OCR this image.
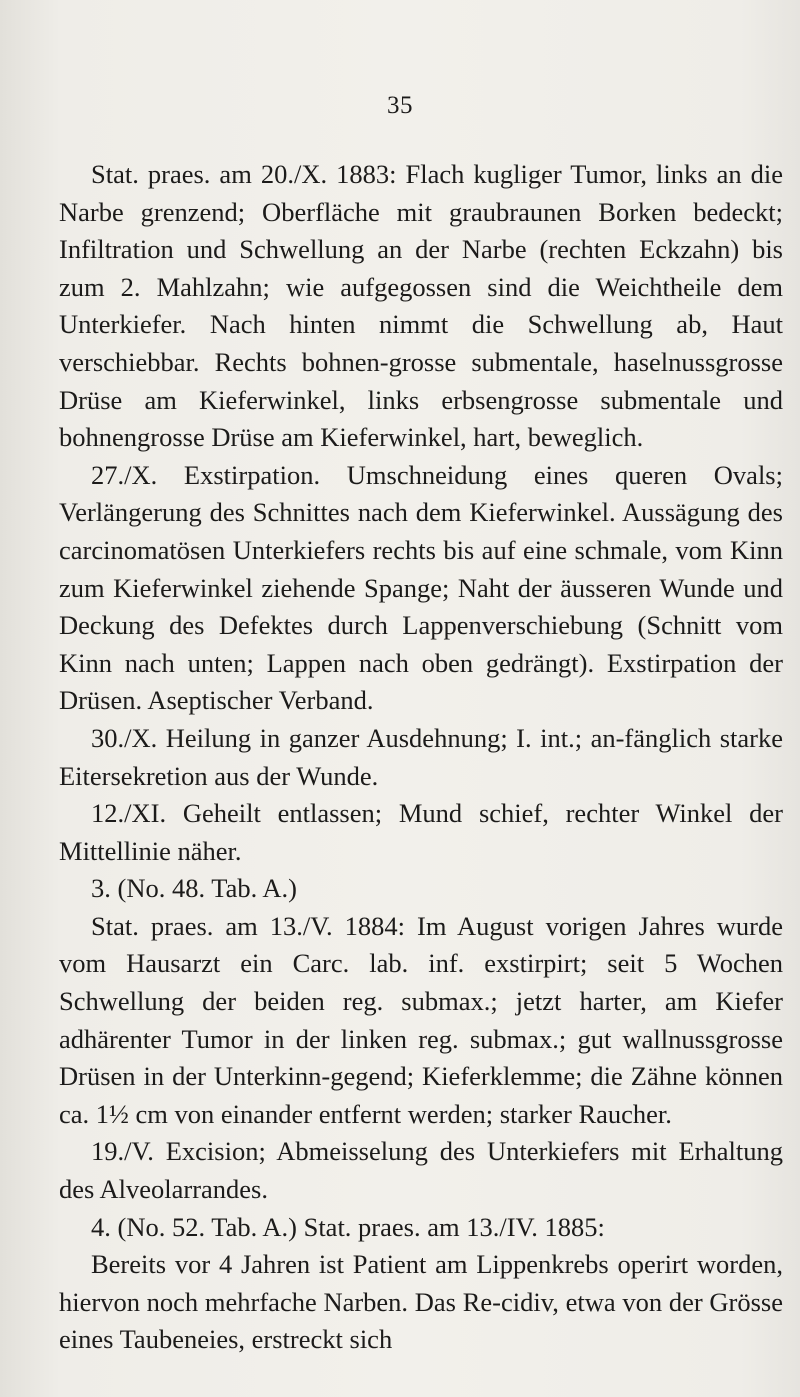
35

Stat. praes. am 20./X. 1883: Flach kugliger Tumor, links an die Narbe grenzend; Oberfläche mit graubraunen Borken bedeckt; Infiltration und Schwellung an der Narbe (rechten Eckzahn) bis zum 2. Mahlzahn; wie aufgegossen sind die Weichtheile dem Unterkiefer. Nach hinten nimmt die Schwellung ab, Haut verschiebbar. Rechts bohnen-grosse submentale, haselnussgrosse Drüse am Kieferwinkel, links erbsengrosse submentale und bohnengrosse Drüse am Kieferwinkel, hart, beweglich.

27./X. Exstirpation. Umschneidung eines queren Ovals; Verlängerung des Schnittes nach dem Kieferwinkel. Aussägung des carcinomatösen Unterkiefers rechts bis auf eine schmale, vom Kinn zum Kieferwinkel ziehende Spange; Naht der äusseren Wunde und Deckung des Defektes durch Lappenverschiebung (Schnitt vom Kinn nach unten; Lappen nach oben gedrängt). Exstirpation der Drüsen. Aseptischer Verband.

30./X. Heilung in ganzer Ausdehnung; I. int.; an-fänglich starke Eitersekretion aus der Wunde.

12./XI. Geheilt entlassen; Mund schief, rechter Winkel der Mittellinie näher.

3. (No. 48. Tab. A.)

Stat. praes. am 13./V. 1884: Im August vorigen Jahres wurde vom Hausarzt ein Carc. lab. inf. exstirpirt; seit 5 Wochen Schwellung der beiden reg. submax.; jetzt harter, am Kiefer adhärenter Tumor in der linken reg. submax.; gut wallnussgrosse Drüsen in der Unterkinn-gegend; Kieferklemme; die Zähne können ca. 1½ cm von einander entfernt werden; starker Raucher.

19./V. Excision; Abmeisselung des Unterkiefers mit Erhaltung des Alveolarrandes.

4. (No. 52. Tab. A.) Stat. praes. am 13./IV. 1885:

Bereits vor 4 Jahren ist Patient am Lippenkrebs operirt worden, hiervon noch mehrfache Narben. Das Re-cidiv, etwa von der Grösse eines Taubeneies, erstreckt sich
